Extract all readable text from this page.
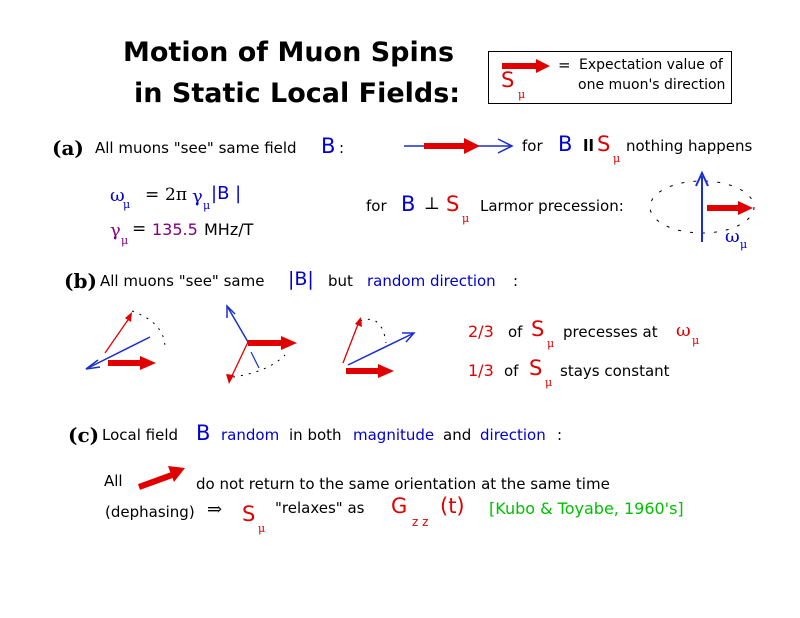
Motion of Muon Spins
in Static Local Fields: S
μ
= Expectation value of
one muon's direction
(a) All muons "see" same field B :	for B ll S
μ
nothing happens
ω
μ = 2π γ μ
|B |
γ μ
= 135.5 MHz/T
for B ⊥ S
μ
Larmor precession:
ω μ
(b) All muons "see" same |B| but random direction :
2/3 of S
μ
precesses at ω μ
1/3 of S
μ
stays constant
(c) Local field B random in both magnitude and direction :
All	do not return to the same orientation at the same time
(dephasing) ⇒ S
μ
"relaxes" as G
z z
(t) [Kubo & Toyabe, 1960's]
